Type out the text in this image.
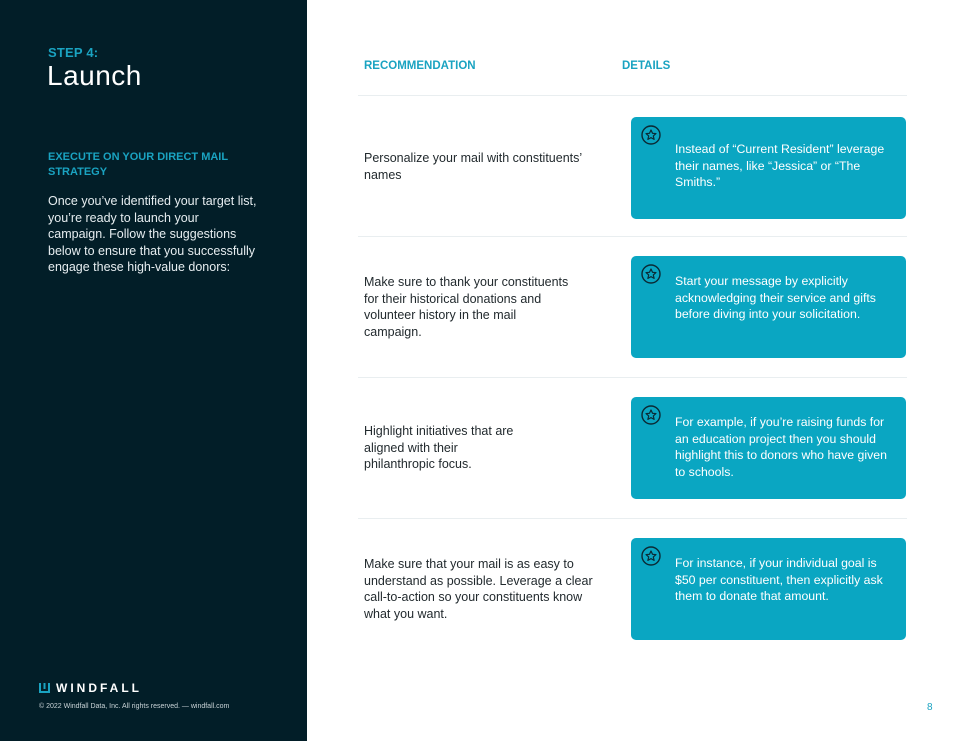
STEP 4:
Launch
EXECUTE ON YOUR DIRECT MAIL STRATEGY
Once you’ve identified your target list, you’re ready to launch your campaign. Follow the suggestions below to ensure that you successfully engage these high-value donors:
WINDFALL
© 2022 Windfall Data, Inc. All rights reserved. — windfall.com
RECOMMENDATION	DETAILS
Personalize your mail with constituents’ names
Instead of “Current Resident” leverage their names, like “Jessica” or “The Smiths.”
Make sure to thank your constituents for their historical donations and volunteer history in the mail campaign.
Start your message by explicitly acknowledging their service and gifts before diving into your solicitation.
Highlight initiatives that are aligned with their philanthropic focus.
For example, if you’re raising funds for an education project then you should highlight this to donors who have given to schools.
Make sure that your mail is as easy to understand as possible. Leverage a clear call-to-action so your constituents know what you want.
For instance, if your individual goal is $50 per constituent, then explicitly ask them to donate that amount.
8
